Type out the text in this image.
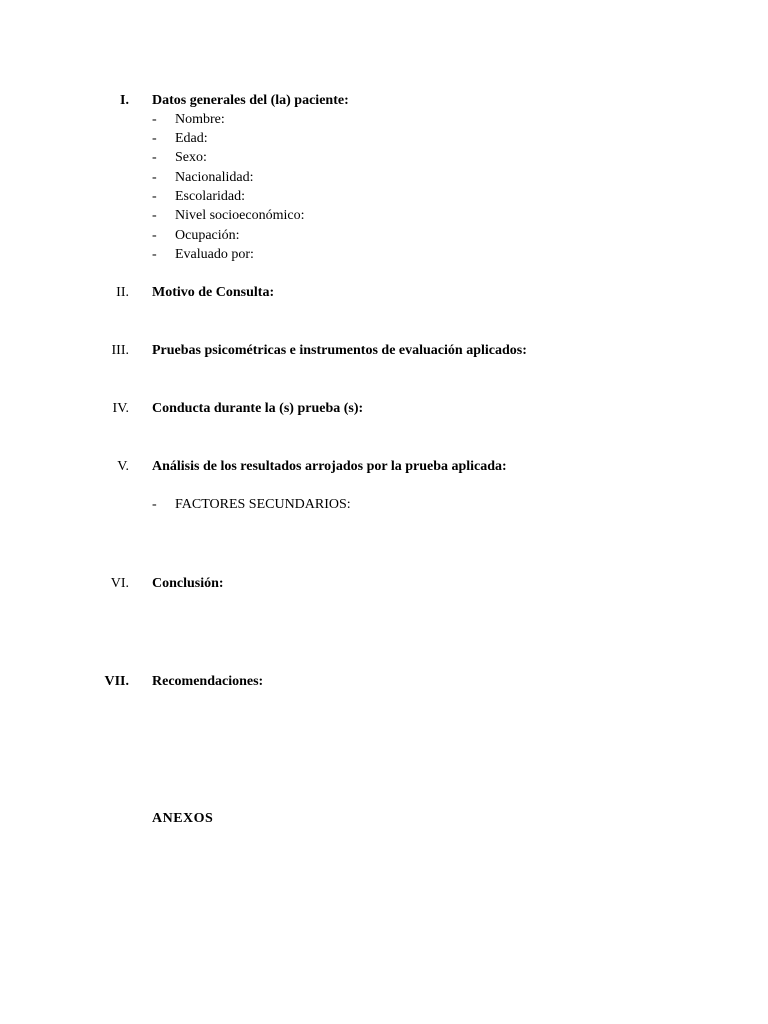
I. Datos generales del (la) paciente:
- Nombre:
- Edad:
- Sexo:
- Nacionalidad:
- Escolaridad:
- Nivel socioeconómico:
- Ocupación:
- Evaluado por:
II. Motivo de Consulta:
III. Pruebas psicométricas e instrumentos de evaluación aplicados:
IV. Conducta durante la (s) prueba (s):
V. Análisis de los resultados arrojados por la prueba aplicada:
- FACTORES SECUNDARIOS:
VI. Conclusión:
VII. Recomendaciones:
ANEXOS
